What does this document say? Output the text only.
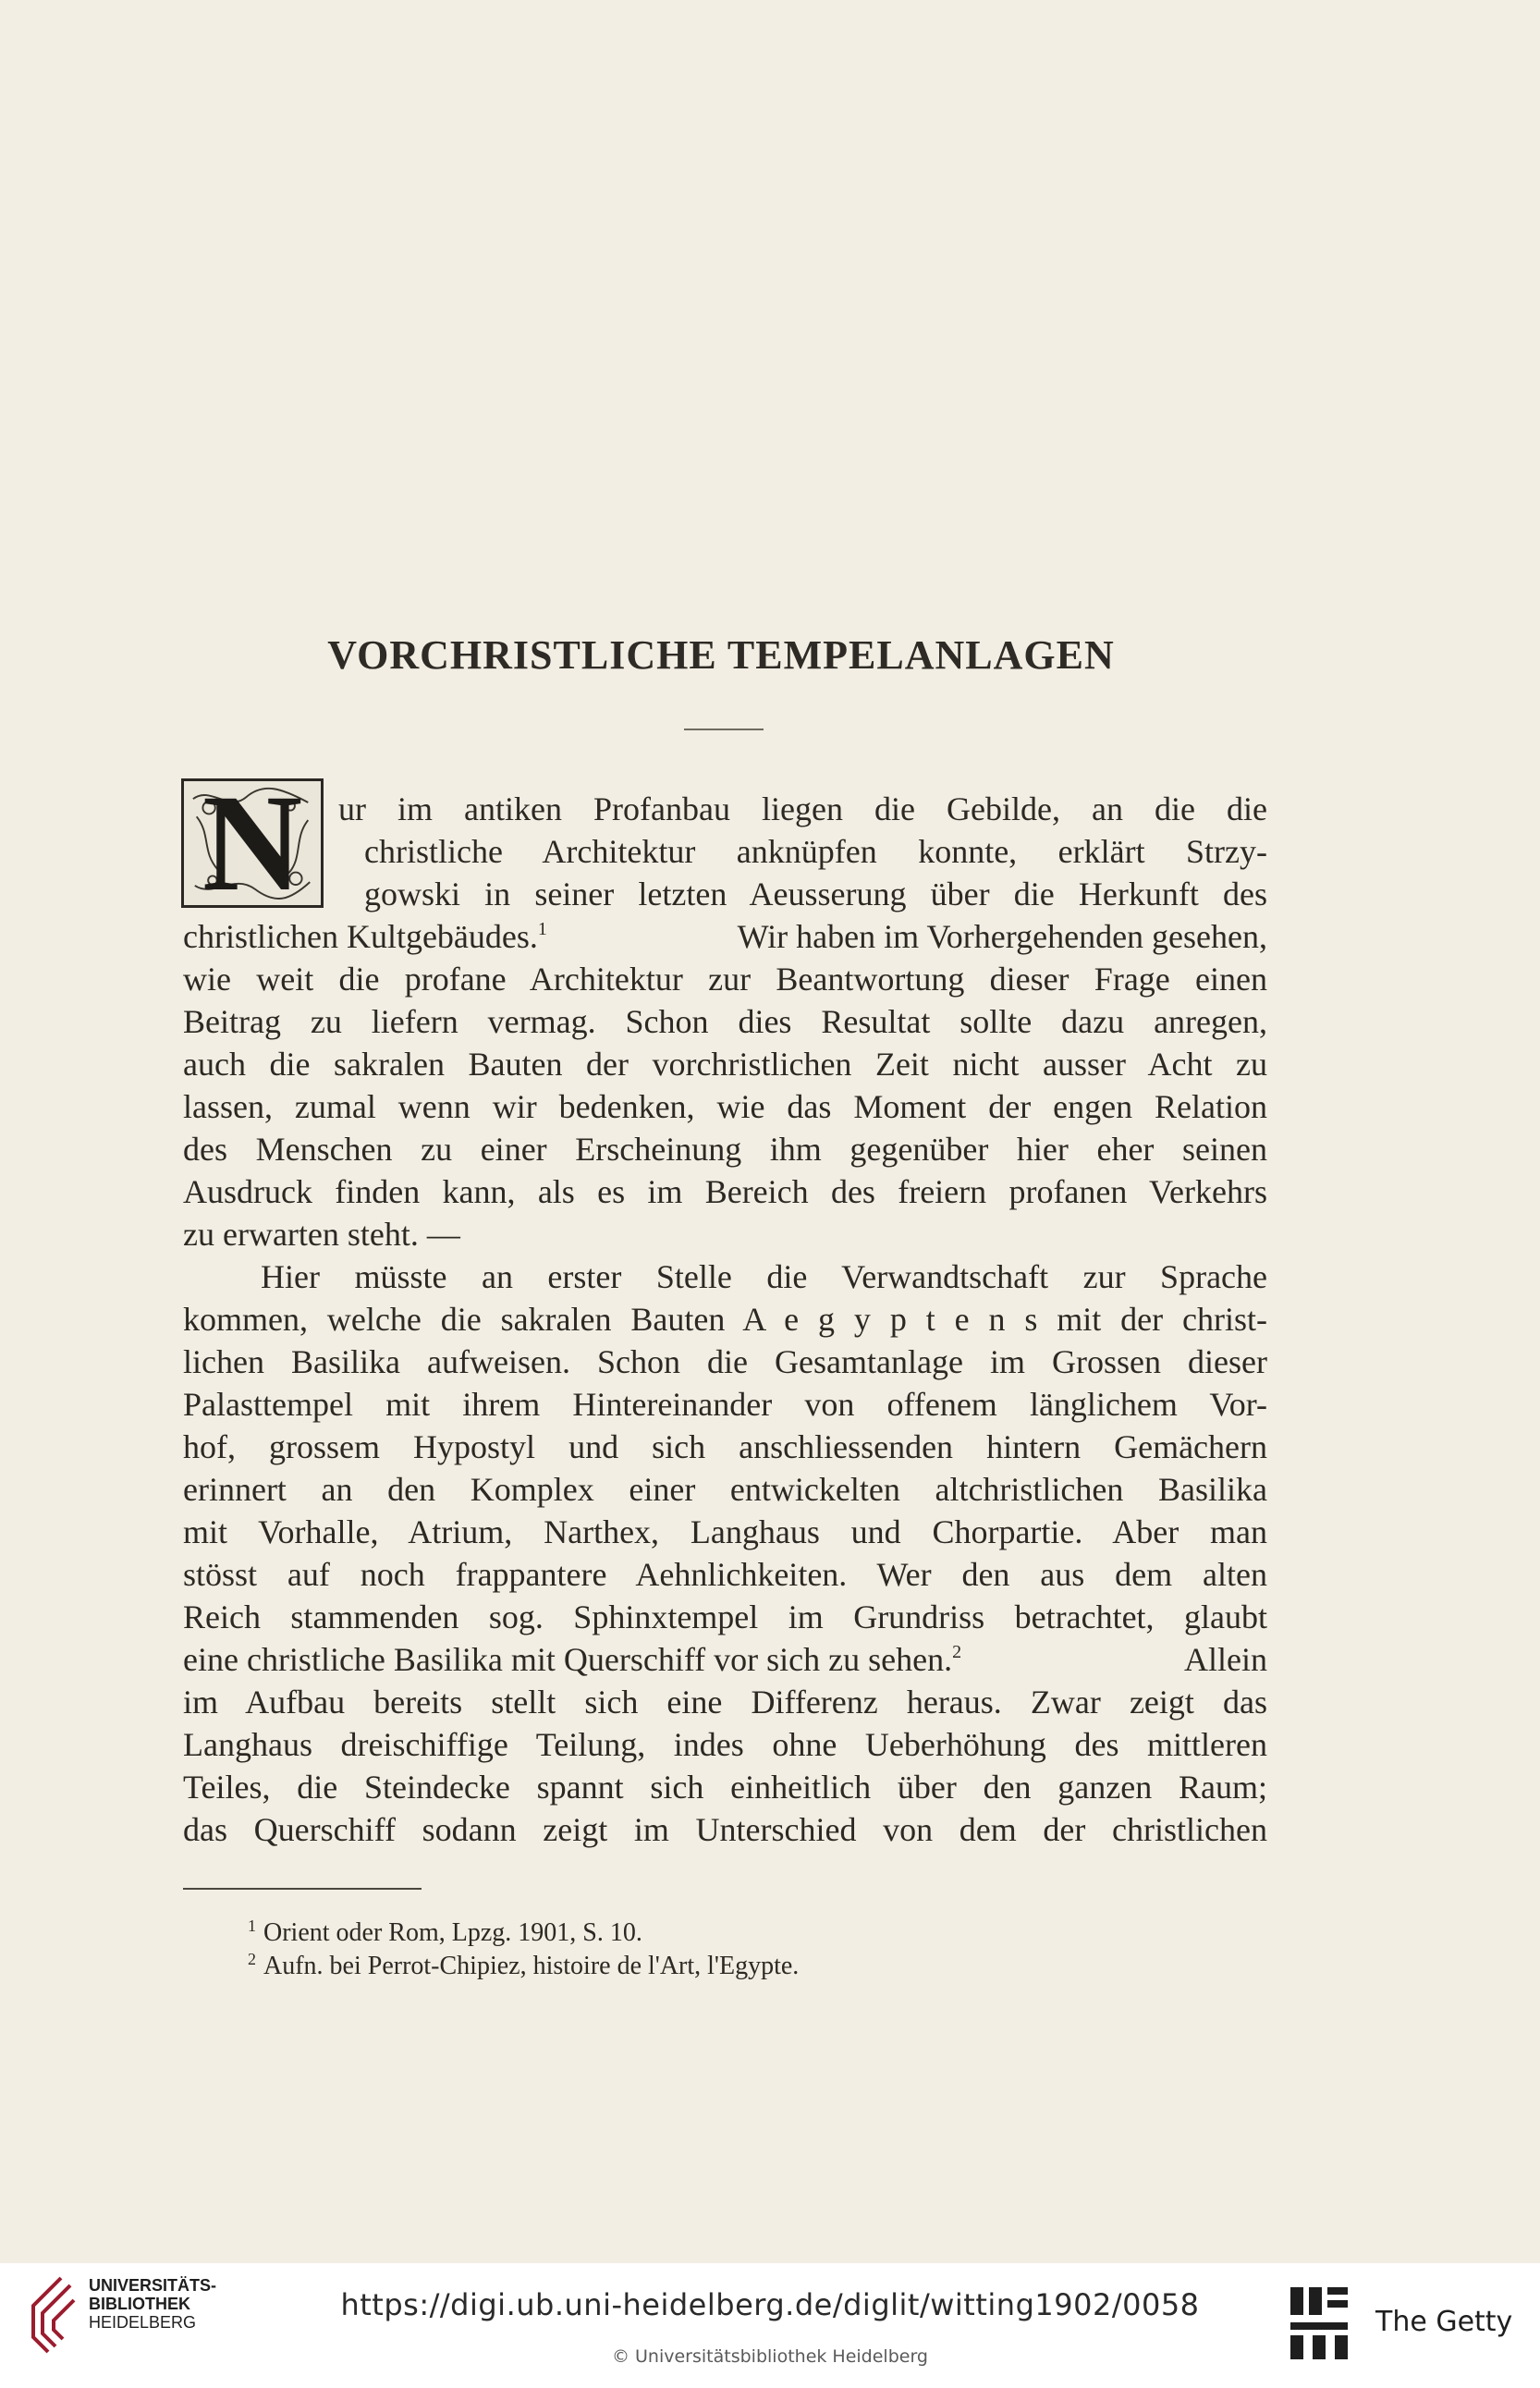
VORCHRISTLICHE TEMPELANLAGEN
N	ur im antiken Profanbau liegen die Gebilde, an die die

christliche Architektur anknüpfen konnte, erklärt Strzy-

gowski in seiner letzten Aeusserung über die Herkunft des

christlichen Kultgebäudes.$^1$	Wir haben im Vorhergehenden gesehen,

wie weit die profane Architektur zur Beantwortung dieser Frage einen

Beitrag zu liefern vermag. Schon dies Resultat sollte dazu anregen,

auch die sakralen Bauten der vorchristlichen Zeit nicht ausser Acht zu

lassen, zumal wenn wir bedenken, wie das Moment der engen Relation

des Menschen zu einer Erscheinung ihm gegenüber hier eher seinen

Ausdruck finden kann, als es im Bereich des freiern profanen Verkehrs

zu erwarten steht. —

Hier müsste an erster Stelle die Verwandtschaft zur Sprache

kommen, welche die sakralen Bauten A e g y p t e n s mit der christ-

lichen Basilika aufweisen. Schon die Gesamtanlage im Grossen dieser

Palasttempel mit ihrem Hintereinander von offenem länglichem Vor-

hof, grossem Hypostyl und sich anschliessenden hintern Gemächern

erinnert an den Komplex einer entwickelten altchristlichen Basilika

mit Vorhalle, Atrium, Narthex, Langhaus und Chorpartie. Aber man

stösst auf noch frappantere Aehnlichkeiten. Wer den aus dem alten

Reich stammenden sog. Sphinxtempel im Grundriss betrachtet, glaubt

eine christliche Basilika mit Querschiff vor sich zu sehen.$^2$	Allein

im Aufbau bereits stellt sich eine Differenz heraus. Zwar zeigt das

Langhaus dreischiffige Teilung, indes ohne Ueberhöhung des mittleren

Teiles, die Steindecke spannt sich einheitlich über den ganzen Raum;

das Querschiff sodann zeigt im Unterschied von dem der christlichen

$^1$ Orient oder Rom, Lpzg. 1901, S. 10.

$^2$ Aufn. bei Perrot-Chipiez, histoire de l'Art, l'Egypte.

UNIVERSITÄTS-
BIBLIOTHEK
HEIDELBERG	https://digi.ub.uni-heidelberg.de/diglit/witting1902/0058

© Universitätsbibliothek Heidelberg

The Getty
